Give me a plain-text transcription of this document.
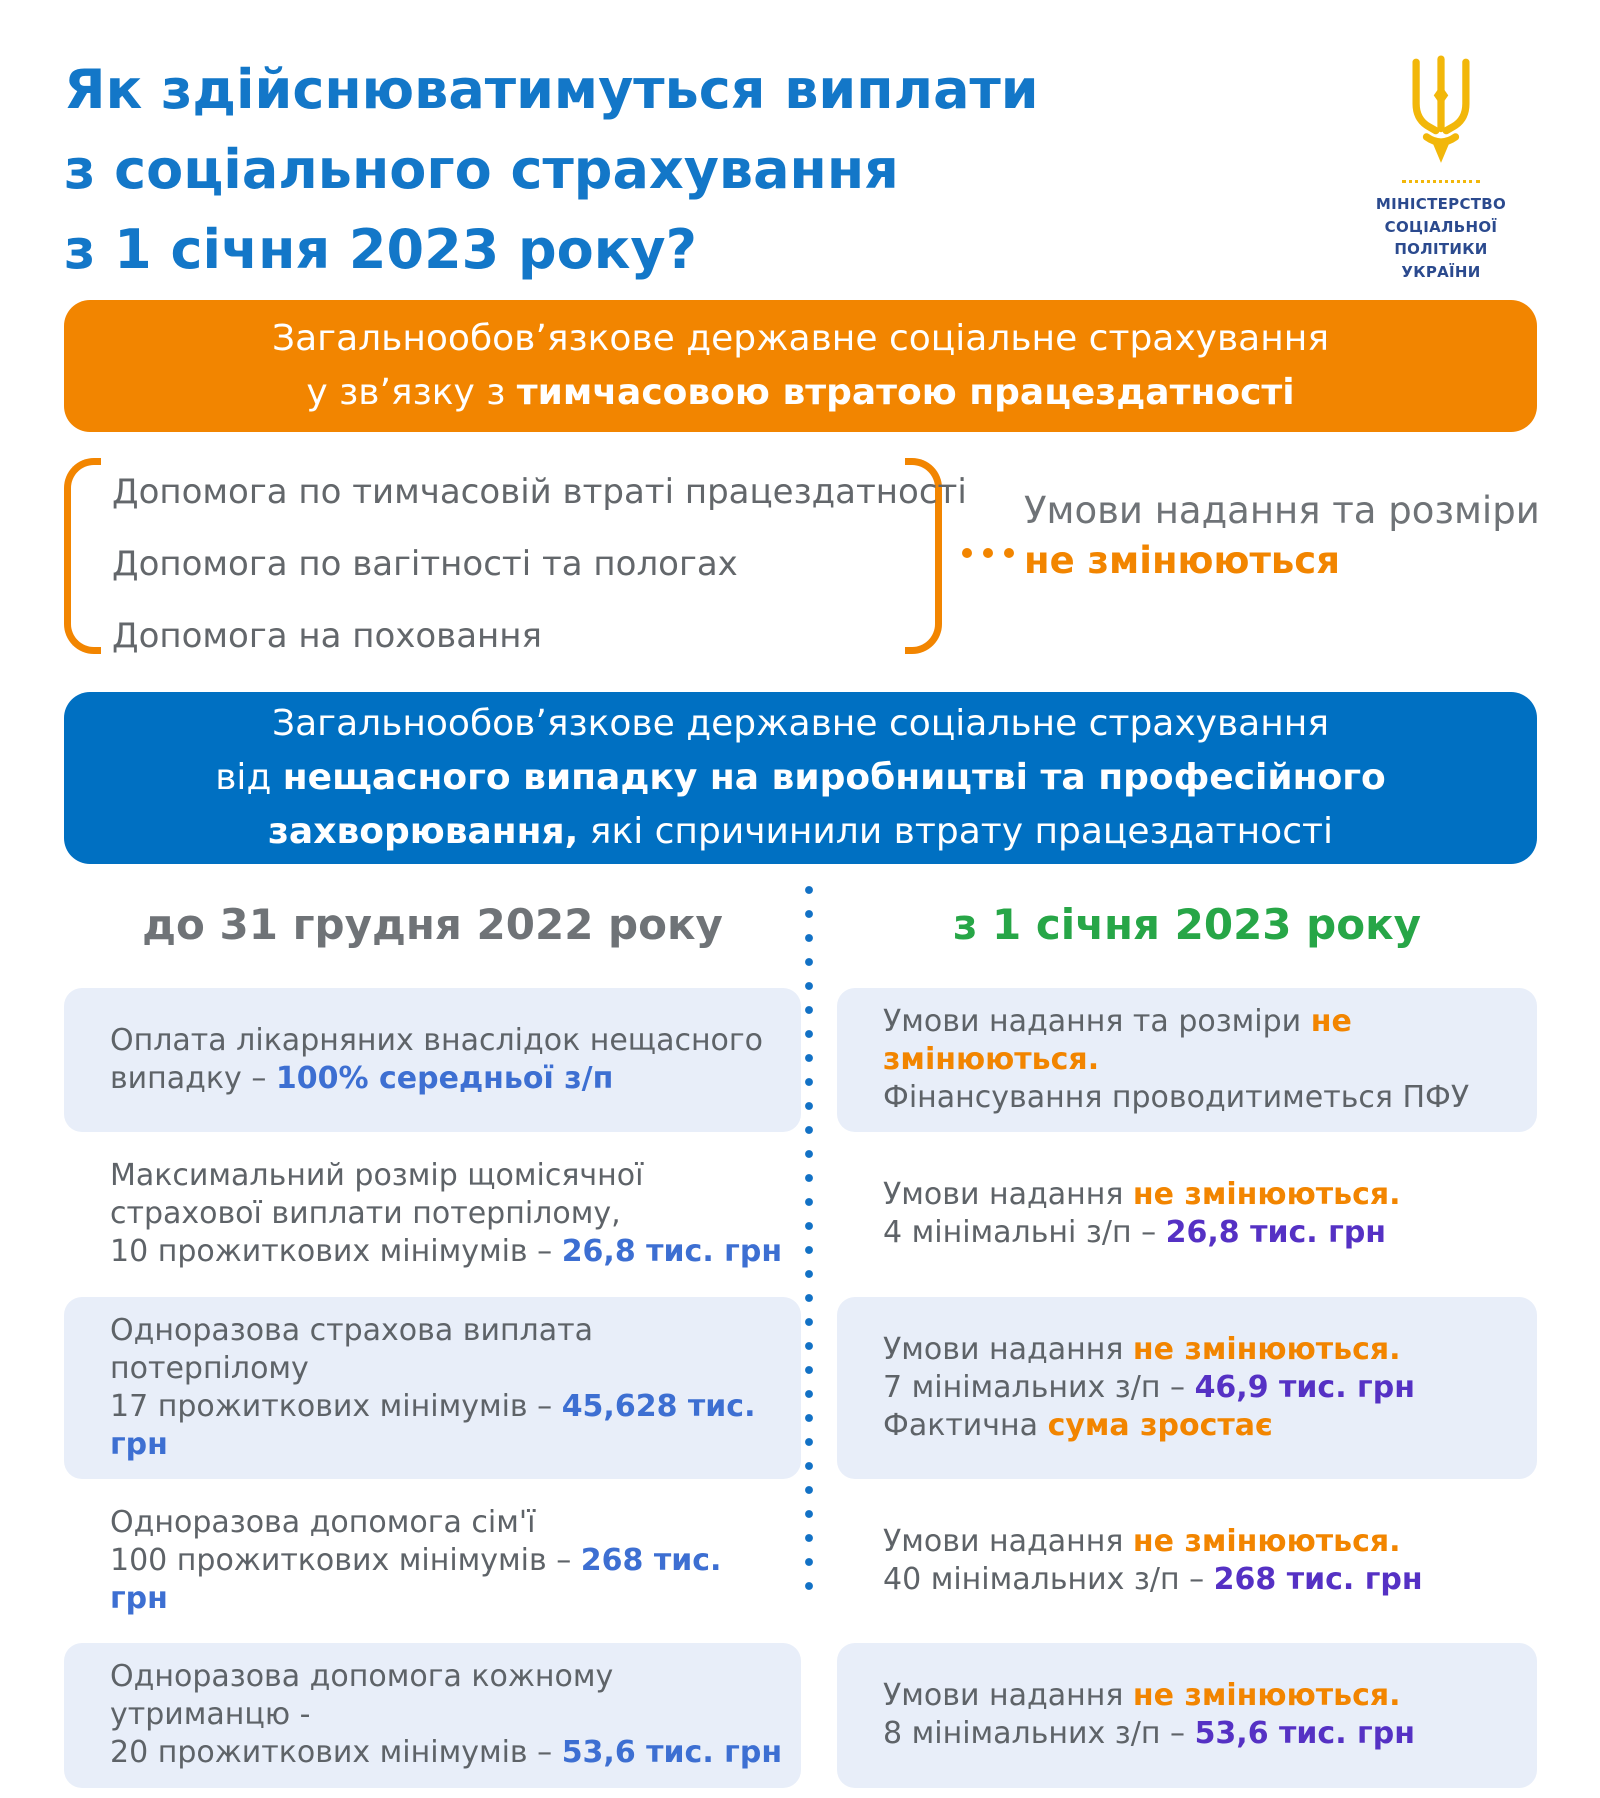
Як здійснюватимуться виплати
з соціального страхування
з 1 січня 2023 року?
МІНІСТЕРСТВО
СОЦІАЛЬНОЇ ПОЛІТИКИ
УКРАЇНИ
Загальнообов’язкове державне соціальне страхування
у зв’язку з тимчасовою втратою працездатності
Допомога по тимчасовій втраті працездатності
Допомога по вагітності та пологах
Допомога на поховання
Умови надання та розміри
не змінюються
Загальнообов’язкове державне соціальне страхування
від нещасного випадку на виробництві та професійного
захворювання, які спричинили втрату працездатності
до 31 грудня 2022 року	з 1 січня 2023 року
Оплата лікарняних внаслідок нещасного
випадку – 100% середньої з/п
Умови надання та розміри не змінюються.
Фінансування проводитиметься ПФУ
Максимальний розмір щомісячної
страхової виплати потерпілому,
10 прожиткових мінімумів – 26,8 тис. грн
Умови надання не змінюються.
4 мінімальні з/п – 26,8 тис. грн
Одноразова страхова виплата потерпілому
17 прожиткових мінімумів – 45,628 тис. грн
Умови надання не змінюються.
7 мінімальних з/п – 46,9 тис. грн
Фактична сума зростає
Одноразова допомога сім'ї
100 прожиткових мінімумів – 268 тис. грн
Умови надання не змінюються.
40 мінімальних з/п – 268 тис. грн
Одноразова допомога кожному утриманцю -
20 прожиткових мінімумів – 53,6 тис. грн
Умови надання не змінюються.
8 мінімальних з/п – 53,6 тис. грн
